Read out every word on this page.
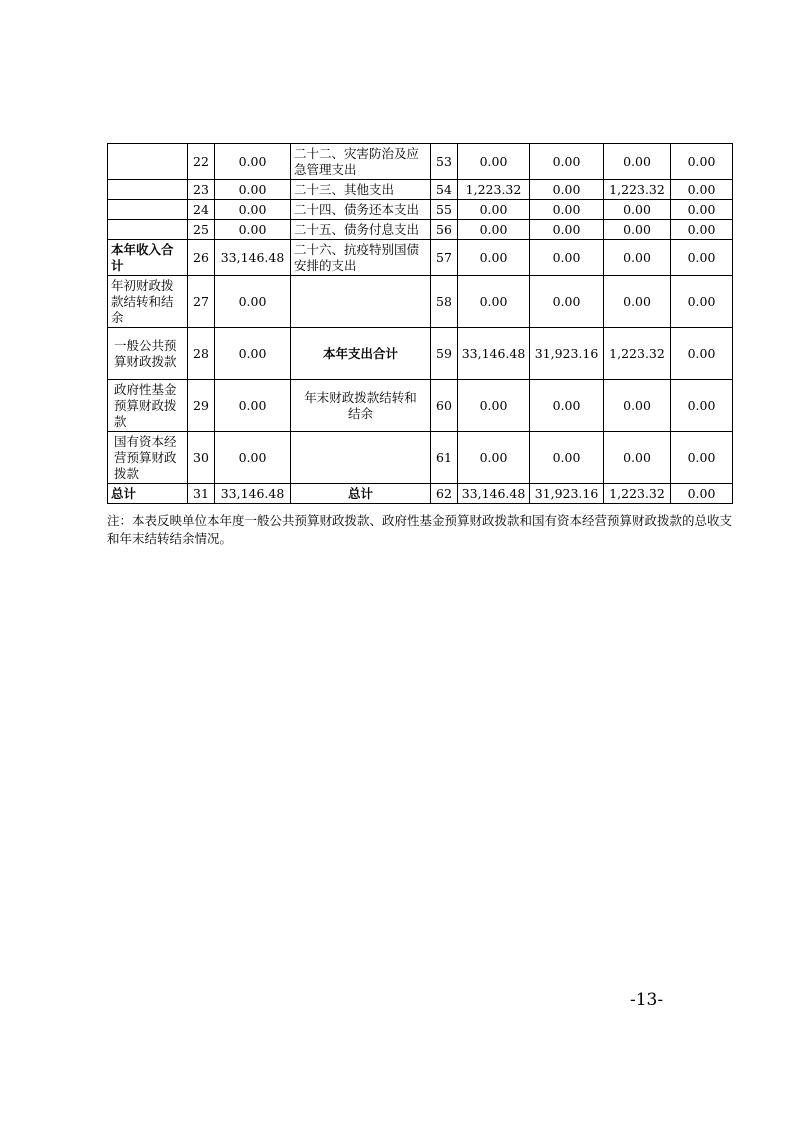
	22	0.00	二十二、灾害防治及应急管理支出	53	0.00	0.00	0.00	0.00
	23	0.00	二十三、其他支出	54	1,223.32	0.00	1,223.32	0.00
	24	0.00	二十四、债务还本支出	55	0.00	0.00	0.00	0.00
	25	0.00	二十五、债务付息支出	56	0.00	0.00	0.00	0.00
本年收入合计	26	33,146.48	二十六、抗疫特别国债安排的支出	57	0.00	0.00	0.00	0.00
年初财政拨款结转和结余	27	0.00		58	0.00	0.00	0.00	0.00
一般公共预算财政拨款	28	0.00	本年支出合计	59	33,146.48	31,923.16	1,223.32	0.00
政府性基金预算财政拨款	29	0.00	年末财政拨款结转和结余	60	0.00	0.00	0.00	0.00
国有资本经营预算财政拨款	30	0.00		61	0.00	0.00	0.00	0.00
总计	31	33,146.48	总计	62	33,146.48	31,923.16	1,223.32	0.00
注：本表反映单位本年度一般公共预算财政拨款、政府性基金预算财政拨款和国有资本经营预算财政拨款的总收支和年末结转结余情况。
-13-
